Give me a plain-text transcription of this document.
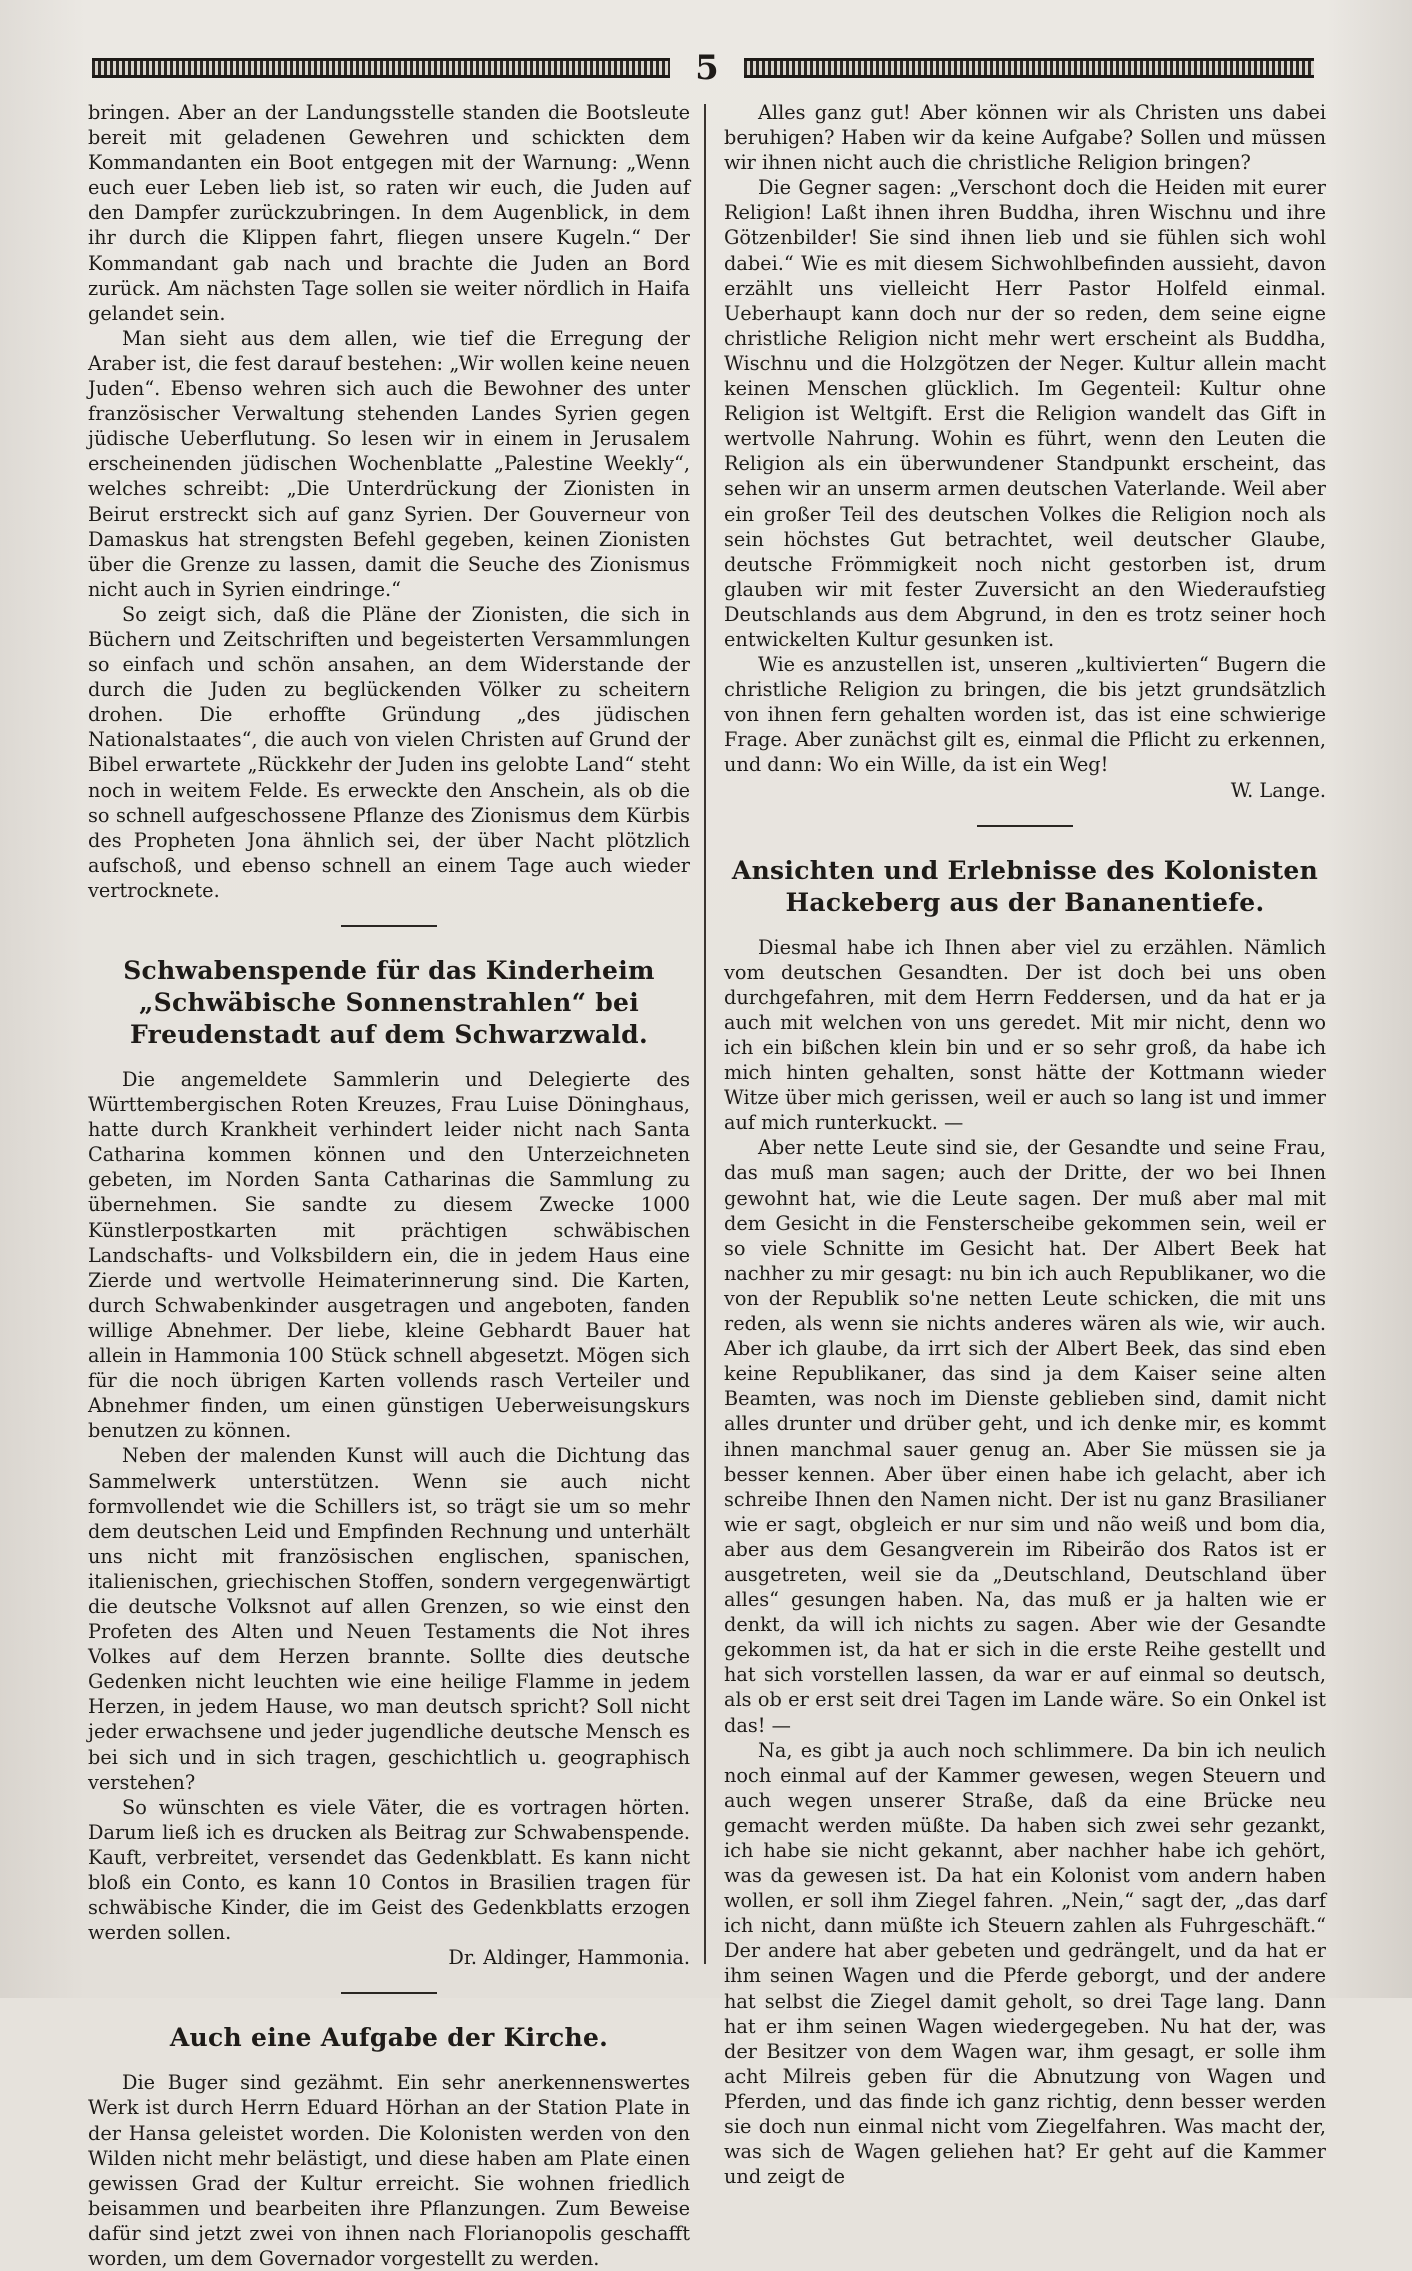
5

bringen. Aber an der Landungsstelle standen die Bootsleute bereit mit geladenen Gewehren und schickten dem Kommandanten ein Boot entgegen mit der Warnung: „Wenn euch euer Leben lieb ist, so raten wir euch, die Juden auf den Dampfer zurückzubringen. In dem Augenblick, in dem ihr durch die Klippen fahrt, fliegen unsere Kugeln.“ Der Kommandant gab nach und brachte die Juden an Bord zurück. Am nächsten Tage sollen sie weiter nördlich in Haifa gelandet sein.

Man sieht aus dem allen, wie tief die Erregung der Araber ist, die fest darauf bestehen: „Wir wollen keine neuen Juden“. Ebenso wehren sich auch die Bewohner des unter französischer Verwaltung stehenden Landes Syrien gegen jüdische Ueberflutung. So lesen wir in einem in Jerusalem erscheinenden jüdischen Wochenblatte „Palestine Weekly“, welches schreibt: „Die Unterdrückung der Zionisten in Beirut erstreckt sich auf ganz Syrien. Der Gouverneur von Damaskus hat strengsten Befehl gegeben, keinen Zionisten über die Grenze zu lassen, damit die Seuche des Zionismus nicht auch in Syrien eindringe.“

So zeigt sich, daß die Pläne der Zionisten, die sich in Büchern und Zeitschriften und begeisterten Versammlungen so einfach und schön ansahen, an dem Widerstande der durch die Juden zu beglückenden Völker zu scheitern drohen. Die erhoffte Gründung „des jüdischen Nationalstaates“, die auch von vielen Christen auf Grund der Bibel erwartete „Rückkehr der Juden ins gelobte Land“ steht noch in weitem Felde. Es erweckte den Anschein, als ob die so schnell aufgeschossene Pflanze des Zionismus dem Kürbis des Propheten Jona ähnlich sei, der über Nacht plötzlich aufschoß, und ebenso schnell an einem Tage auch wieder vertrocknete.

Schwabenspende für das Kinderheim „Schwäbische Sonnenstrahlen“ bei Freudenstadt auf dem Schwarzwald.

Die angemeldete Sammlerin und Delegierte des Württembergischen Roten Kreuzes, Frau Luise Döninghaus, hatte durch Krankheit verhindert leider nicht nach Santa Catharina kommen können und den Unterzeichneten gebeten, im Norden Santa Catharinas die Sammlung zu übernehmen. Sie sandte zu diesem Zwecke 1000 Künstlerpostkarten mit prächtigen schwäbischen Landschafts- und Volksbildern ein, die in jedem Haus eine Zierde und wertvolle Heimaterinnerung sind. Die Karten, durch Schwabenkinder ausgetragen und angeboten, fanden willige Abnehmer. Der liebe, kleine Gebhardt Bauer hat allein in Hammonia 100 Stück schnell abgesetzt. Mögen sich für die noch übrigen Karten vollends rasch Verteiler und Abnehmer finden, um einen günstigen Ueberweisungskurs benutzen zu können.

Neben der malenden Kunst will auch die Dichtung das Sammelwerk unterstützen. Wenn sie auch nicht formvollendet wie die Schillers ist, so trägt sie um so mehr dem deutschen Leid und Empfinden Rechnung und unterhält uns nicht mit französischen englischen, spanischen, italienischen, griechischen Stoffen, sondern vergegenwärtigt die deutsche Volksnot auf allen Grenzen, so wie einst den Profeten des Alten und Neuen Testaments die Not ihres Volkes auf dem Herzen brannte. Sollte dies deutsche Gedenken nicht leuchten wie eine heilige Flamme in jedem Herzen, in jedem Hause, wo man deutsch spricht? Soll nicht jeder erwachsene und jeder jugendliche deutsche Mensch es bei sich und in sich tragen, geschichtlich u. geographisch verstehen?

So wünschten es viele Väter, die es vortragen hörten. Darum ließ ich es drucken als Beitrag zur Schwabenspende. Kauft, verbreitet, versendet das Gedenkblatt. Es kann nicht bloß ein Conto, es kann 10 Contos in Brasilien tragen für schwäbische Kinder, die im Geist des Gedenkblatts erzogen werden sollen.

Dr. Aldinger, Hammonia.

Auch eine Aufgabe der Kirche.

Die Buger sind gezähmt. Ein sehr anerkennenswertes Werk ist durch Herrn Eduard Hörhan an der Station Plate in der Hansa geleistet worden. Die Kolonisten werden von den Wilden nicht mehr belästigt, und diese haben am Plate einen gewissen Grad der Kultur erreicht. Sie wohnen friedlich beisammen und bearbeiten ihre Pflanzungen. Zum Beweise dafür sind jetzt zwei von ihnen nach Florianopolis geschafft worden, um dem Governador vorgestellt zu werden.

Alles ganz gut! Aber können wir als Christen uns dabei beruhigen? Haben wir da keine Aufgabe? Sollen und müssen wir ihnen nicht auch die christliche Religion bringen?

Die Gegner sagen: „Verschont doch die Heiden mit eurer Religion! Laßt ihnen ihren Buddha, ihren Wischnu und ihre Götzenbilder! Sie sind ihnen lieb und sie fühlen sich wohl dabei.“ Wie es mit diesem Sichwohlbefinden aussieht, davon erzählt uns vielleicht Herr Pastor Holfeld einmal. Ueberhaupt kann doch nur der so reden, dem seine eigne christliche Religion nicht mehr wert erscheint als Buddha, Wischnu und die Holzgötzen der Neger. Kultur allein macht keinen Menschen glücklich. Im Gegenteil: Kultur ohne Religion ist Weltgift. Erst die Religion wandelt das Gift in wertvolle Nahrung. Wohin es führt, wenn den Leuten die Religion als ein überwundener Standpunkt erscheint, das sehen wir an unserm armen deutschen Vaterlande. Weil aber ein großer Teil des deutschen Volkes die Religion noch als sein höchstes Gut betrachtet, weil deutscher Glaube, deutsche Frömmigkeit noch nicht gestorben ist, drum glauben wir mit fester Zuversicht an den Wiederaufstieg Deutschlands aus dem Abgrund, in den es trotz seiner hoch entwickelten Kultur gesunken ist.

Wie es anzustellen ist, unseren „kultivierten“ Bugern die christliche Religion zu bringen, die bis jetzt grundsätzlich von ihnen fern gehalten worden ist, das ist eine schwierige Frage. Aber zunächst gilt es, einmal die Pflicht zu erkennen, und dann: Wo ein Wille, da ist ein Weg!

W. Lange.

Ansichten und Erlebnisse des Kolonisten Hackeberg aus der Bananentiefe.

Diesmal habe ich Ihnen aber viel zu erzählen. Nämlich vom deutschen Gesandten. Der ist doch bei uns oben durchgefahren, mit dem Herrn Feddersen, und da hat er ja auch mit welchen von uns geredet. Mit mir nicht, denn wo ich ein bißchen klein bin und er so sehr groß, da habe ich mich hinten gehalten, sonst hätte der Kottmann wieder Witze über mich gerissen, weil er auch so lang ist und immer auf mich runterkuckt. —

Aber nette Leute sind sie, der Gesandte und seine Frau, das muß man sagen; auch der Dritte, der wo bei Ihnen gewohnt hat, wie die Leute sagen. Der muß aber mal mit dem Gesicht in die Fensterscheibe gekommen sein, weil er so viele Schnitte im Gesicht hat. Der Albert Beek hat nachher zu mir gesagt: nu bin ich auch Republikaner, wo die von der Republik so'ne netten Leute schicken, die mit uns reden, als wenn sie nichts anderes wären als wie, wir auch. Aber ich glaube, da irrt sich der Albert Beek, das sind eben keine Republikaner, das sind ja dem Kaiser seine alten Beamten, was noch im Dienste geblieben sind, damit nicht alles drunter und drüber geht, und ich denke mir, es kommt ihnen manchmal sauer genug an. Aber Sie müssen sie ja besser kennen. Aber über einen habe ich gelacht, aber ich schreibe Ihnen den Namen nicht. Der ist nu ganz Brasilianer wie er sagt, obgleich er nur sim und não weiß und bom dia, aber aus dem Gesangverein im Ribeirão dos Ratos ist er ausgetreten, weil sie da „Deutschland, Deutschland über alles“ gesungen haben. Na, das muß er ja halten wie er denkt, da will ich nichts zu sagen. Aber wie der Gesandte gekommen ist, da hat er sich in die erste Reihe gestellt und hat sich vorstellen lassen, da war er auf einmal so deutsch, als ob er erst seit drei Tagen im Lande wäre. So ein Onkel ist das! —

Na, es gibt ja auch noch schlimmere. Da bin ich neulich noch einmal auf der Kammer gewesen, wegen Steuern und auch wegen unserer Straße, daß da eine Brücke neu gemacht werden müßte. Da haben sich zwei sehr gezankt, ich habe sie nicht gekannt, aber nachher habe ich gehört, was da gewesen ist. Da hat ein Kolonist vom andern haben wollen, er soll ihm Ziegel fahren. „Nein,“ sagt der, „das darf ich nicht, dann müßte ich Steuern zahlen als Fuhrgeschäft.“ Der andere hat aber gebeten und gedrängelt, und da hat er ihm seinen Wagen und die Pferde geborgt, und der andere hat selbst die Ziegel damit geholt, so drei Tage lang. Dann hat er ihm seinen Wagen wiedergegeben. Nu hat der, was der Besitzer von dem Wagen war, ihm gesagt, er solle ihm acht Milreis geben für die Abnutzung von Wagen und Pferden, und das finde ich ganz richtig, denn besser werden sie doch nun einmal nicht vom Ziegelfahren. Was macht der, was sich de Wagen geliehen hat? Er geht auf die Kammer und zeigt de
